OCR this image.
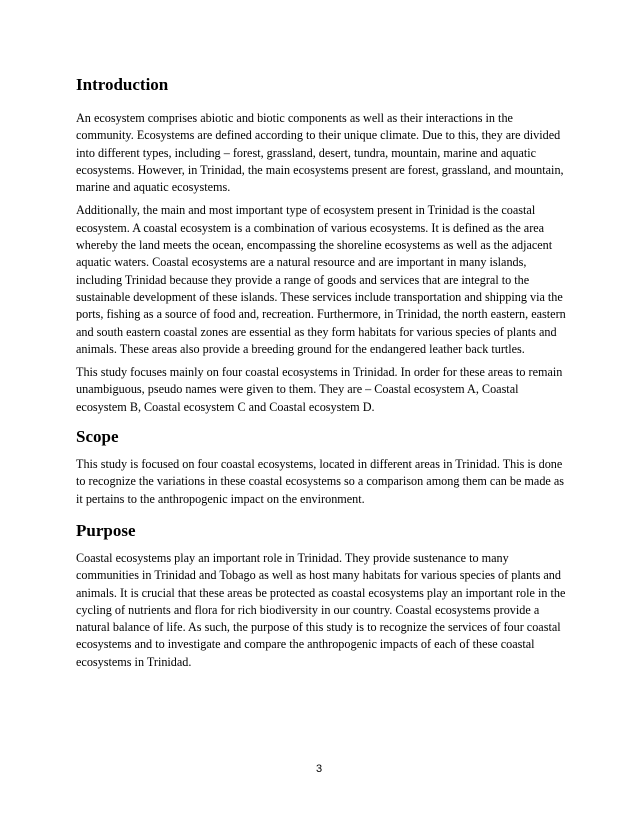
Introduction

An ecosystem comprises abiotic and biotic components as well as their interactions in the community. Ecosystems are defined according to their unique climate. Due to this, they are divided into different types, including – forest, grassland, desert, tundra, mountain, marine and aquatic ecosystems. However, in Trinidad, the main ecosystems present are forest, grassland, and mountain, marine and aquatic ecosystems.

Additionally, the main and most important type of ecosystem present in Trinidad is the coastal ecosystem. A coastal ecosystem is a combination of various ecosystems. It is defined as the area whereby the land meets the ocean, encompassing the shoreline ecosystems as well as the adjacent aquatic waters. Coastal ecosystems are a natural resource and are important in many islands, including Trinidad because they provide a range of goods and services that are integral to the sustainable development of these islands. These services include transportation and shipping via the ports, fishing as a source of food and, recreation. Furthermore, in Trinidad, the north eastern, eastern and south eastern coastal zones are essential as they form habitats for various species of plants and animals. These areas also provide a breeding ground for the endangered leather back turtles.

This study focuses mainly on four coastal ecosystems in Trinidad. In order for these areas to remain unambiguous, pseudo names were given to them. They are – Coastal ecosystem A, Coastal ecosystem B, Coastal ecosystem C and Coastal ecosystem D.

Scope

This study is focused on four coastal ecosystems, located in different areas in Trinidad. This is done to recognize the variations in these coastal ecosystems so a comparison among them can be made as it pertains to the anthropogenic impact on the environment.

Purpose

Coastal ecosystems play an important role in Trinidad. They provide sustenance to many communities in Trinidad and Tobago as well as host many habitats for various species of plants and animals. It is crucial that these areas be protected as coastal ecosystems play an important role in the cycling of nutrients and flora for rich biodiversity in our country. Coastal ecosystems provide a natural balance of life. As such, the purpose of this study is to recognize the services of four coastal ecosystems and to investigate and compare the anthropogenic impacts of each of these coastal ecosystems in Trinidad.

3
